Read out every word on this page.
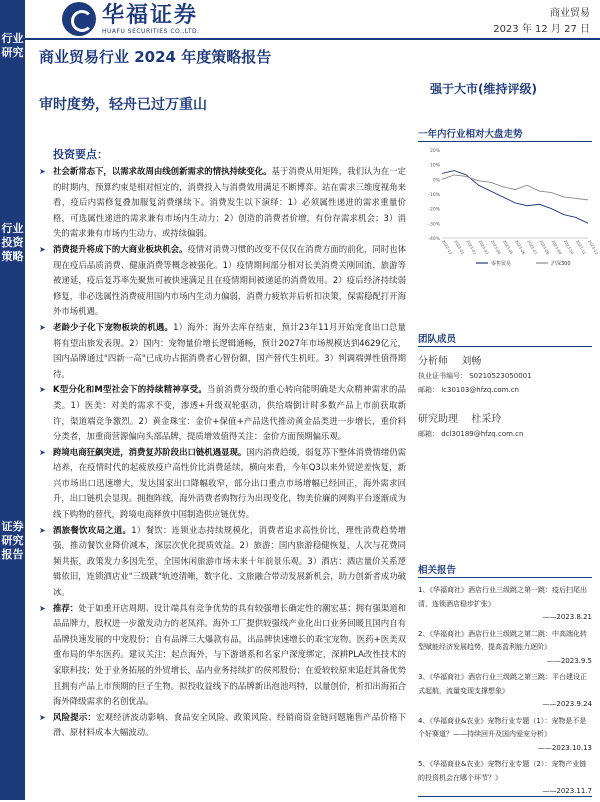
行业研究
行业投资策略
证券研究报告
华福证券
HUAFU SECURITIES CO.,LTD.
商业贸易
2023 年 12 月 27 日
商业贸易行业 2024 年度策略报告
审时度势，轻舟已过万重山
强于大市(维持评级)
投资要点：
➤ 社会新常态下，以需求故周由线创新需求的情执持续变化。基于消费从用矩阵，我们认为在一定的时期内，预算约束是相对恒定的，消费投入与消费效用满足不断博弈。站在需求三维度视角来看，疫后内需修复叠加服复消费继续下。消费发生以下演绎：1）必须属性递进的需求重量价格，可选属性递进的需求兼有市场内生动力；2）创造的消费者价增，有份存需求机会；3）消失的需求兼有市场内生动力、或持续偏弱。
➤ 消费提升将成下的大商业板块机会。疫情对消费习惯的改变不仅仅在消费方面的前化，同时也体现在疫后品质消费、健康消费等概念被强化。1）疫情期间部分相对长美消费关刚回流、旅游等被递延，疫后复苏率先聚焦可被快速满足且在疫情期间被递延的消费效用。2）疫后经济持续弱修复，非必选属性消费疲用国内市场内生动力偏弱，消费力疲软并后析扣决策，保需稳配打开海外市场机遇。
➤ 老龄少子化下宠物板块的机遇。1）海外：海外去库存结束，预计23年11月开始宠食出口总量将有望出旅发表现。2）国内：宠物量价增长逻辑通畅，预计2027年市场规模达到4629亿元，国内品牌通过"四新一高"已成功占据消费者心智份额，国产替代生机旺。3）判调端弹性值得期待。
➤ K型分化和M型社会下的持续精神享受。当前消费分级的重心转向能明确是大众精神需求的品类。1）医美：对美的需求不变，渗透+升级双轮驱动，供给端倒计时多数产品上市前获取新许，渠道端竞争激烈。2）黄金珠宝：金价+保值+产品迭代推动黄金品类进一步增长，重价料分类者，加重商营源偏向头部品牌，提质增效值得关注：金价方面预期偏乐观。
➤ 跨境电商狂飙突进，消费复苏阶段出口链机遇显现。国内消费趋缓，弱复苏下整体消费情绪仍需培养，在疫情时代的起疲放疫户高性价比消费延续，横向来看，今年Q3以来外贸逆差恢复，新兴市场出口迅速增大，发达国家出口降幅收窄，部分出口重点市场增幅已经回正，海外需求回升，出口链机会显现。拥抱阵线，海外消费者购物行为出现变化，物美价廉的网购平台逐渐成为线下购物的替代，跨境电商释放中国制造供应链优势。
➤ 酒旅餐饮攻局之道。1）餐饮：连锁业态持续规模化，消费者追求高性价比，理性消费趋势增强，推动餐饮业降价减本，深层次优化提质效益。2）旅游：国内旅游稳健恢复，人次与花费同频共振，政策发力多因先至，全国休闲旅游市场未来十年前景乐观。3）酒店：酒店量价关系逻辑依旧，连锁酒店业"三级跳"轨迹清晰，数字化、文旅融合带动发展新机会，助力创新者成功破冰。
➤ 推荐：处于如重开店周期、设计端具有竞争优势的具有较强增长确定性的潮宏基；拥有强渠道和品品牌力，股权进一步激发动力的老凤祥。海外工厂提供较强线产业化出口业务回暖且国内自有品牌快速发展的中宠股份；自有品牌三大爆款有品，出品牌快速增长的乖宝宠物。医药+医美双重布局的华东医药。建议关注：起点海外，与下游谱系和名家户深度绑定，深耕PLA改性技术的家联科技；处于业务拓展的外贸增长，品内业务持续扩的侯邦股份；在爱较较原来追赶其备优势且拥有产品上市预期的巨子生物。拟投收益线下的品牌新出泡池玛特，以量创价，析扣出海拓合海外降级需求的名创优品。
➤ 风险提示：宏观经济波动影响、食品安全风险、政策风险、经销商资金链问题施售产品价格下滑、原材料成本大幅波动。
一年内行业相对大盘走势
20%
10%
0%
-10%
-20%
-30%
-40% 2022-12 2023-01 2023-02 2023-03 2023-04 2023-05 2023-06 2023-07 2023-08 2023-09 2023-10 2023-11 2023-12
零售贸易	沪深300
团队成员
分析师 刘畅
执业证书编号： S0210523050001
邮箱： lc30103@hfzq.com.cn
研究助理 杜采玲
邮箱： dcl30189@hfzq.com.cn
相关报告
1、《华福商社》酒店行业三级跳之第一跳：疫后扫尾出清，连锁酒店稳步扩张》
——2023.8.21
2、《华福商社》酒店行业三级跳之第二跳：中高端化转型赋能经济发展趋势，提高盈利能力逐阶》
——2023.9.5
3、《华福商社》酒店行业三级跳之第三跳：平台建设正式起航，流量变现支撑想象》
——2023.9.24
4、《华福商业&农业》宠物行业专题（1）：宠物是不是个好赛道？——持续回升及国内爱宠分析》
——2023.10.13
5、《华福商业&农业》宠物行业专题（2）：宠物产业链的投资机会在哪个环节？》
——2023.11.7
